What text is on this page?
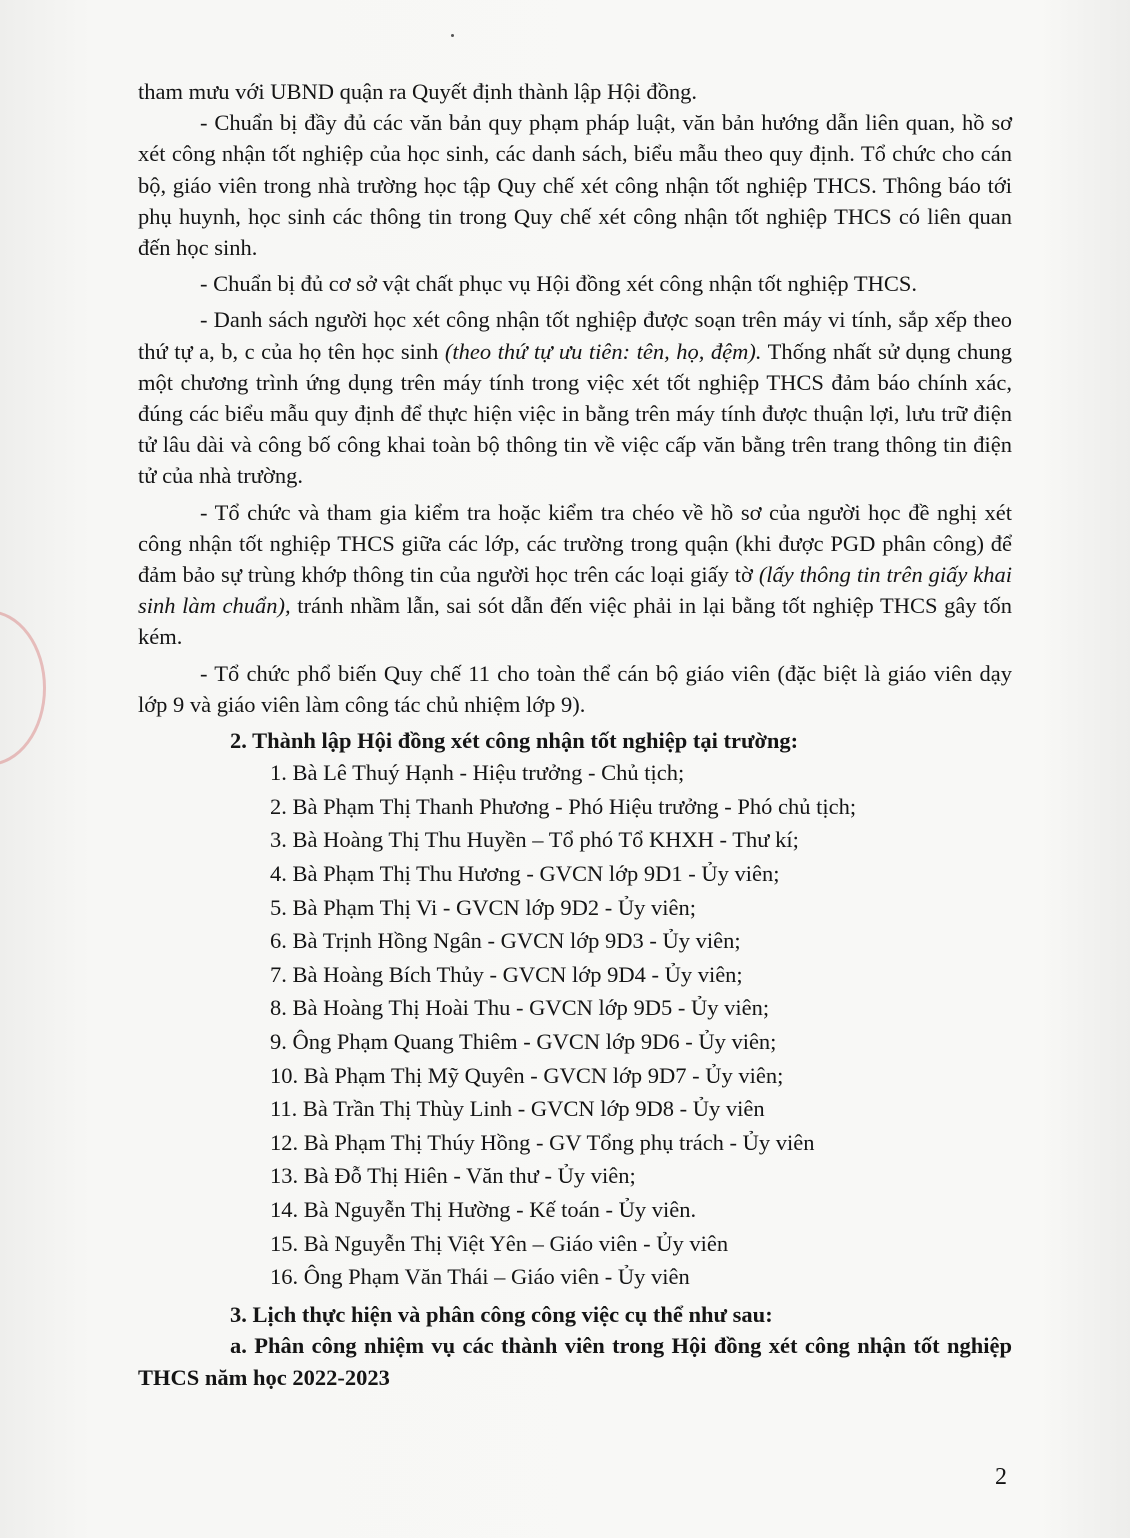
tham mưu với UBND quận ra Quyết định thành lập Hội đồng.

- Chuẩn bị đầy đủ các văn bản quy phạm pháp luật, văn bản hướng dẫn liên quan, hồ sơ xét công nhận tốt nghiệp của học sinh, các danh sách, biểu mẫu theo quy định. Tổ chức cho cán bộ, giáo viên trong nhà trường học tập Quy chế xét công nhận tốt nghiệp THCS. Thông báo tới phụ huynh, học sinh các thông tin trong Quy chế xét công nhận tốt nghiệp THCS có liên quan đến học sinh.

- Chuẩn bị đủ cơ sở vật chất phục vụ Hội đồng xét công nhận tốt nghiệp THCS.

- Danh sách người học xét công nhận tốt nghiệp được soạn trên máy vi tính, sắp xếp theo thứ tự a, b, c của họ tên học sinh (theo thứ tự ưu tiên: tên, họ, đệm). Thống nhất sử dụng chung một chương trình ứng dụng trên máy tính trong việc xét tốt nghiệp THCS đảm báo chính xác, đúng các biểu mẫu quy định để thực hiện việc in bằng trên máy tính được thuận lợi, lưu trữ điện tử lâu dài và công bố công khai toàn bộ thông tin về việc cấp văn bằng trên trang thông tin điện tử của nhà trường.

- Tổ chức và tham gia kiểm tra hoặc kiểm tra chéo về hồ sơ của người học đề nghị xét công nhận tốt nghiệp THCS giữa các lớp, các trường trong quận (khi được PGD phân công) để đảm bảo sự trùng khớp thông tin của người học trên các loại giấy tờ (lấy thông tin trên giấy khai sinh làm chuẩn), tránh nhầm lẫn, sai sót dẫn đến việc phải in lại bằng tốt nghiệp THCS gây tốn kém.

- Tổ chức phổ biến Quy chế 11 cho toàn thể cán bộ giáo viên (đặc biệt là giáo viên dạy lớp 9 và giáo viên làm công tác chủ nhiệm lớp 9).

2. Thành lập Hội đồng xét công nhận tốt nghiệp tại trường:

1. Bà Lê Thuý Hạnh - Hiệu trưởng - Chủ tịch;
2. Bà Phạm Thị Thanh Phương - Phó Hiệu trưởng - Phó chủ tịch;
3. Bà Hoàng Thị Thu Huyền – Tổ phó Tổ KHXH - Thư kí;
4. Bà Phạm Thị Thu Hương - GVCN lớp 9D1 - Ủy viên;
5. Bà Phạm Thị Vi - GVCN lớp 9D2 - Ủy viên;
6. Bà Trịnh Hồng Ngân - GVCN lớp 9D3 - Ủy viên;
7. Bà Hoàng Bích Thủy - GVCN lớp 9D4 - Ủy viên;
8. Bà Hoàng Thị Hoài Thu - GVCN lớp 9D5 - Ủy viên;
9. Ông Phạm Quang Thiêm - GVCN lớp 9D6 - Ủy viên;
10. Bà Phạm Thị Mỹ Quyên - GVCN lớp 9D7 - Ủy viên;
11. Bà Trần Thị Thùy Linh - GVCN lớp 9D8 - Ủy viên
12. Bà Phạm Thị Thúy Hồng - GV Tổng phụ trách - Ủy viên
13. Bà Đỗ Thị Hiên - Văn thư - Ủy viên;
14. Bà Nguyễn Thị Hường - Kế toán - Ủy viên.
15. Bà Nguyễn Thị Việt Yên – Giáo viên - Ủy viên
16. Ông Phạm Văn Thái – Giáo viên - Ủy viên

3. Lịch thực hiện và phân công công việc cụ thể như sau:

a. Phân công nhiệm vụ các thành viên trong Hội đồng xét công nhận tốt nghiệp THCS năm học 2022-2023

2
